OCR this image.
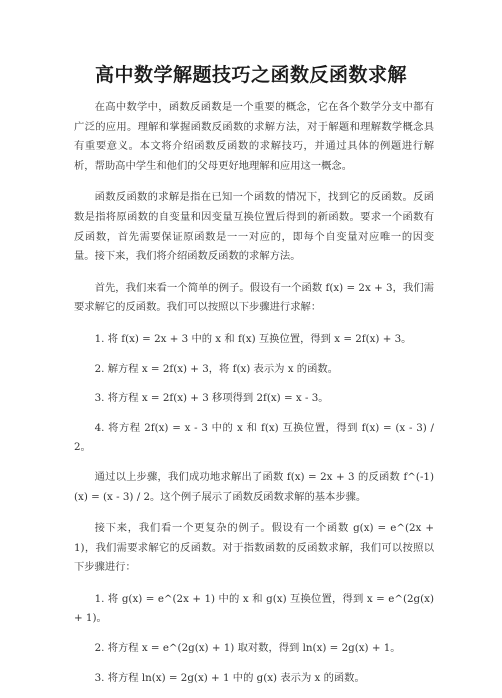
高中数学解题技巧之函数反函数求解

在高中数学中，函数反函数是一个重要的概念，它在各个数学分支中都有广泛的应用。理解和掌握函数反函数的求解方法，对于解题和理解数学概念具有重要意义。本文将介绍函数反函数的求解技巧，并通过具体的例题进行解析，帮助高中学生和他们的父母更好地理解和应用这一概念。

函数反函数的求解是指在已知一个函数的情况下，找到它的反函数。反函数是指将原函数的自变量和因变量互换位置后得到的新函数。要求一个函数有反函数，首先需要保证原函数是一一对应的，即每个自变量对应唯一的因变量。接下来，我们将介绍函数反函数的求解方法。

首先，我们来看一个简单的例子。假设有一个函数 f(x) = 2x + 3，我们需要求解它的反函数。我们可以按照以下步骤进行求解：

1. 将 f(x) = 2x + 3 中的 x 和 f(x) 互换位置，得到 x = 2f(x) + 3。

2. 解方程 x = 2f(x) + 3，将 f(x) 表示为 x 的函数。

3. 将方程 x = 2f(x) + 3 移项得到 2f(x) = x - 3。

4. 将方程 2f(x) = x - 3 中的 x 和 f(x) 互换位置，得到 f(x) = (x - 3) / 2。

通过以上步骤，我们成功地求解出了函数 f(x) = 2x + 3 的反函数 f^(-1)(x) = (x - 3) / 2。这个例子展示了函数反函数求解的基本步骤。

接下来，我们看一个更复杂的例子。假设有一个函数 g(x) = e^(2x + 1)，我们需要求解它的反函数。对于指数函数的反函数求解，我们可以按照以下步骤进行：

1. 将 g(x) = e^(2x + 1) 中的 x 和 g(x) 互换位置，得到 x = e^(2g(x) + 1)。

2. 将方程 x = e^(2g(x) + 1) 取对数，得到 ln(x) = 2g(x) + 1。

3. 将方程 ln(x) = 2g(x) + 1 中的 g(x) 表示为 x 的函数。
